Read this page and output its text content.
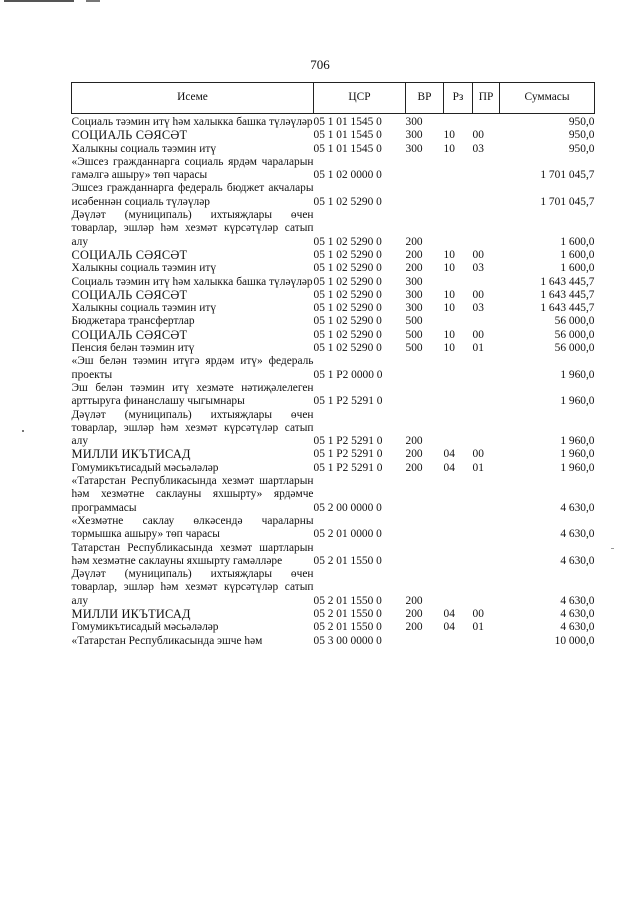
706
Исеме	ЦСР	ВР	Рз	ПР	Суммасы
Социаль тәэмин итү һәм халыкка башка түләүләр	05 1 01 1545 0	300			950,0
СОЦИАЛЬ СӘЯСӘТ	05 1 01 1545 0	300	10	00	950,0
Халыкны социаль тәэмин итү	05 1 01 1545 0	300	10	03	950,0
«Эшсез гражданнарга социаль ярдәм чараларын гамәлгә ашыру» төп чарасы	05 1 02 0000 0				1 701 045,7
Эшсез гражданнарга федераль бюджет акчалары исәбеннән социаль түләүләр	05 1 02 5290 0				1 701 045,7
Дәүләт (муниципаль) ихтыяҗлары өчен товарлар, эшләр һәм хезмәт күрсәтүләр сатып алу	05 1 02 5290 0	200			1 600,0
СОЦИАЛЬ СӘЯСӘТ	05 1 02 5290 0	200	10	00	1 600,0
Халыкны социаль тәэмин итү	05 1 02 5290 0	200	10	03	1 600,0
Социаль тәэмин итү һәм халыкка башка түләүләр	05 1 02 5290 0	300			1 643 445,7
СОЦИАЛЬ СӘЯСӘТ	05 1 02 5290 0	300	10	00	1 643 445,7
Халыкны социаль тәэмин итү	05 1 02 5290 0	300	10	03	1 643 445,7
Бюджетара трансфертлар	05 1 02 5290 0	500			56 000,0
СОЦИАЛЬ СӘЯСӘТ	05 1 02 5290 0	500	10	00	56 000,0
Пенсия белән тәэмин итү	05 1 02 5290 0	500	10	01	56 000,0
«Эш белән тәэмин итүгә ярдәм итү» федераль проекты	05 1 Р2 0000 0				1 960,0
Эш белән тәэмин итү хезмәте нәтиҗәлелеген арттыруга финанслашу чыгымнары	05 1 Р2 5291 0				1 960,0
Дәүләт (муниципаль) ихтыяҗлары өчен товарлар, эшләр һәм хезмәт күрсәтүләр сатып алу	05 1 Р2 5291 0	200			1 960,0
МИЛЛИ ИКЪТИСАД	05 1 Р2 5291 0	200	04	00	1 960,0
Гомумикътисадый мәсьәләләр	05 1 Р2 5291 0	200	04	01	1 960,0
«Татарстан Республикасында хезмәт шартларын һәм хезмәтне саклауны яхшырту» ярдәмче программасы	05 2 00 0000 0				4 630,0
«Хезмәтне саклау өлкәсендә чараларны тормышка ашыру» төп чарасы	05 2 01 0000 0				4 630,0
Татарстан Республикасында хезмәт шартларын һәм хезмәтне саклауны яхшырту гамәлләре	05 2 01 1550 0				4 630,0
Дәүләт (муниципаль) ихтыяҗлары өчен товарлар, эшләр һәм хезмәт күрсәтүләр сатып алу	05 2 01 1550 0	200			4 630,0
МИЛЛИ ИКЪТИСАД	05 2 01 1550 0	200	04	00	4 630,0
Гомумикътисадый мәсьәләләр	05 2 01 1550 0	200	04	01	4 630,0
«Татарстан Республикасында эшче һәм	05 3 00 0000 0				10 000,0
